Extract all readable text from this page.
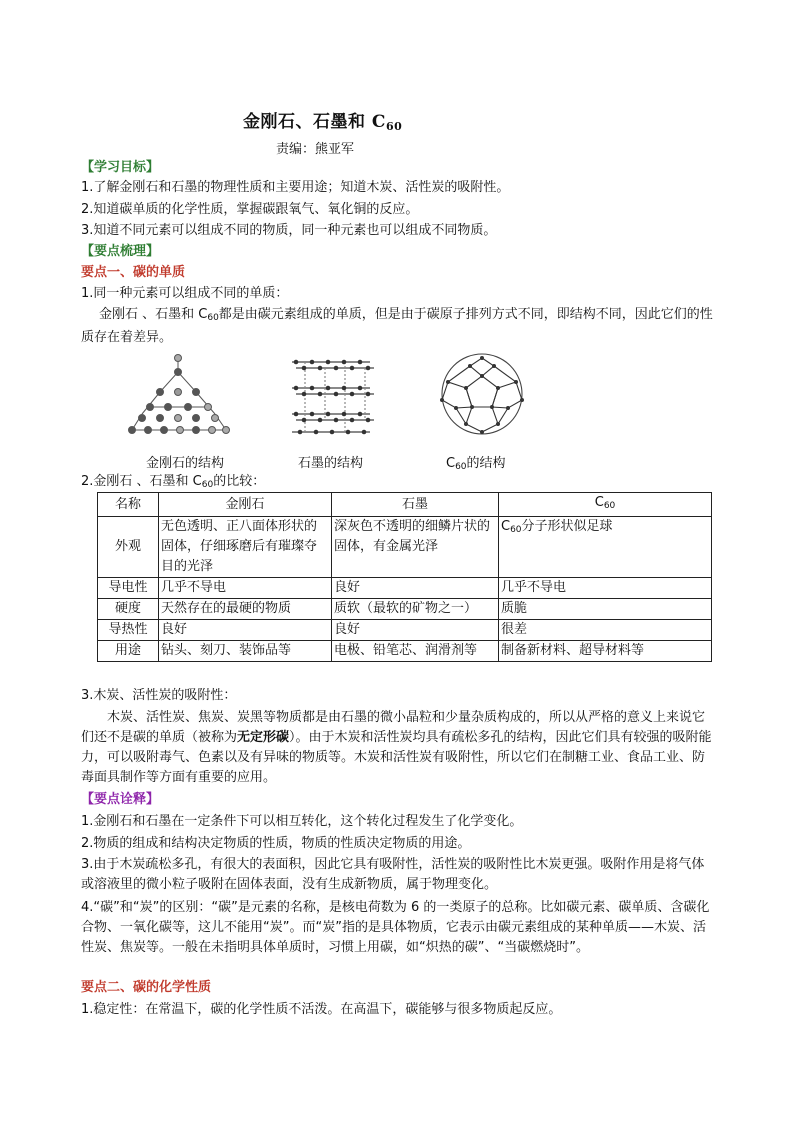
金刚石、石墨和 $C_{60}$
责编：熊亚军
【学习目标】
1.了解金刚石和石墨的物理性质和主要用途；知道木炭、活性炭的吸附性。
2.知道碳单质的化学性质，掌握碳跟氧气、氧化铜的反应。
3.知道不同元素可以组成不同的物质，同一种元素也可以组成不同物质。
【要点梳理】
要点一、碳的单质
1.同一种元素可以组成不同的单质：
金刚石 、石墨和 $C_{60}$都是由碳元素组成的单质，但是由于碳原子排列方式不同，即结构不同，因此它们的性质存在着差异。
金刚石的结构	石墨的结构	$C_{60}$的结构
2.金刚石 、石墨和 $C_{60}$的比较：
名称	金刚石	石墨	$C_{60}$
外观	无色透明、正八面体形状的固体，仔细琢磨后有璀璨夺目的光泽	深灰色不透明的细鳞片状的固体，有金属光泽	$C_{60}$分子形状似足球
导电性	几乎不导电	良好	几乎不导电
硬度	天然存在的最硬的物质	质软（最软的矿物之一）	质脆
导热性	良好	良好	很差
用途	钻头、刻刀、装饰品等	电极、铅笔芯、润滑剂等	制备新材料、超导材料等
3.木炭、活性炭的吸附性：
木炭、活性炭、焦炭、炭黑等物质都是由石墨的微小晶粒和少量杂质构成的，所以从严格的意义上来说它们还不是碳的单质（被称为无定形碳）。由于木炭和活性炭均具有疏松多孔的结构，因此它们具有较强的吸附能力，可以吸附毒气、色素以及有异味的物质等。木炭和活性炭有吸附性，所以它们在制糖工业、食品工业、防毒面具制作等方面有重要的应用。
【要点诠释】
1.金刚石和石墨在一定条件下可以相互转化，这个转化过程发生了化学变化。
2.物质的组成和结构决定物质的性质，物质的性质决定物质的用途。
3.由于木炭疏松多孔，有很大的表面积，因此它具有吸附性，活性炭的吸附性比木炭更强。吸附作用是将气体或溶液里的微小粒子吸附在固体表面，没有生成新物质，属于物理变化。
4.“碳”和“炭”的区别：“碳”是元素的名称，是核电荷数为 6 的一类原子的总称。比如碳元素、碳单质、含碳化合物、一氧化碳等，这儿不能用“炭”。而“炭”指的是具体物质，它表示由碳元素组成的某种单质——木炭、活性炭、焦炭等。一般在未指明具体单质时，习惯上用碳，如“炽热的碳”、“当碳燃烧时”。
要点二、碳的化学性质
1.稳定性：在常温下，碳的化学性质不活泼。在高温下，碳能够与很多物质起反应。
